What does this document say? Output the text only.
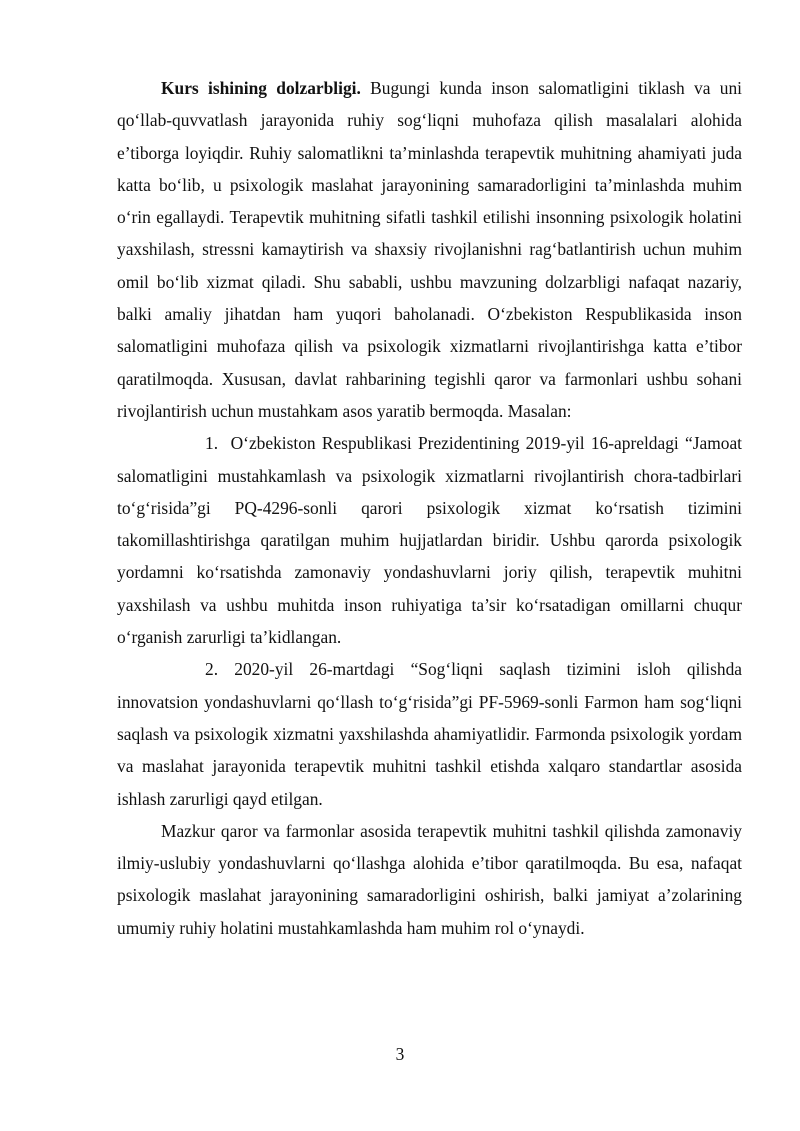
Kurs ishining dolzarbligi. Bugungi kunda inson salomatligini tiklash va uni qo‘llab-quvvatlash jarayonida ruhiy sog‘liqni muhofaza qilish masalalari alohida e’tiborga loyiqdir. Ruhiy salomatlikni ta’minlashda terapevtik muhitning ahamiyati juda katta bo‘lib, u psixologik maslahat jarayonining samaradorligini ta’minlashda muhim o‘rin egallaydi. Terapevtik muhitning sifatli tashkil etilishi insonning psixologik holatini yaxshilash, stressni kamaytirish va shaxsiy rivojlanishni rag‘batlantirish uchun muhim omil bo‘lib xizmat qiladi. Shu sababli, ushbu mavzuning dolzarbligi nafaqat nazariy, balki amaliy jihatdan ham yuqori baholanadi. O‘zbekiston Respublikasida inson salomatligini muhofaza qilish va psixologik xizmatlarni rivojlantirishga katta e’tibor qaratilmoqda. Xususan, davlat rahbarining tegishli qaror va farmonlari ushbu sohani rivojlantirish uchun mustahkam asos yaratib bermoqda. Masalan:

1. O‘zbekiston Respublikasi Prezidentining 2019-yil 16-apreldagi “Jamoat salomatligini mustahkamlash va psixologik xizmatlarni rivojlantirish chora-tadbirlari to‘g‘risida”gi PQ-4296-sonli qarori psixologik xizmat ko‘rsatish tizimini takomillashtirishga qaratilgan muhim hujjatlardan biridir. Ushbu qarorda psixologik yordamni ko‘rsatishda zamonaviy yondashuvlarni joriy qilish, terapevtik muhitni yaxshilash va ushbu muhitda inson ruhiyatiga ta’sir ko‘rsatadigan omillarni chuqur o‘rganish zarurligi ta’kidlangan.

2. 2020-yil 26-martdagi “Sog‘liqni saqlash tizimini isloh qilishda innovatsion yondashuvlarni qo‘llash to‘g‘risida”gi PF-5969-sonli Farmon ham sog‘liqni saqlash va psixologik xizmatni yaxshilashda ahamiyatlidir. Farmonda psixologik yordam va maslahat jarayonida terapevtik muhitni tashkil etishda xalqaro standartlar asosida ishlash zarurligi qayd etilgan.

Mazkur qaror va farmonlar asosida terapevtik muhitni tashkil qilishda zamonaviy ilmiy-uslubiy yondashuvlarni qo‘llashga alohida e’tibor qaratilmoqda. Bu esa, nafaqat psixologik maslahat jarayonining samaradorligini oshirish, balki jamiyat a’zolarining umumiy ruhiy holatini mustahkamlashda ham muhim rol o‘ynaydi.

3
